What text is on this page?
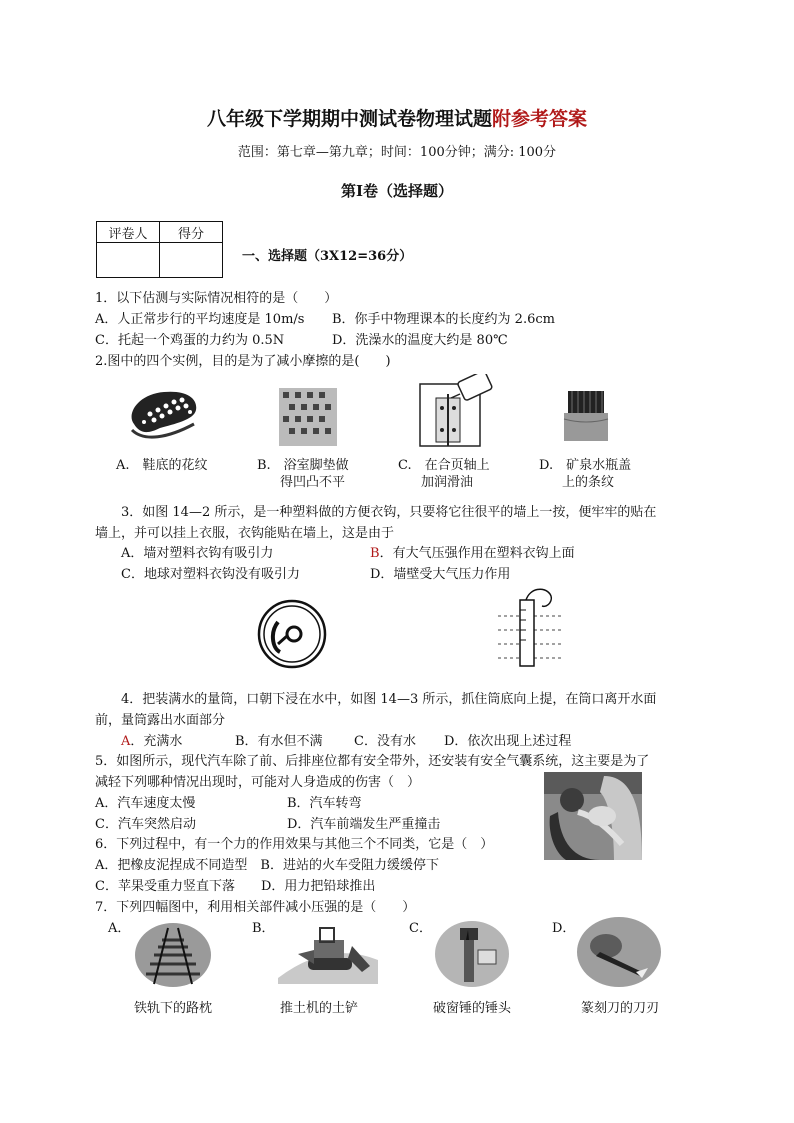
八年级下学期期中测试卷物理试题附参考答案
范围：第七章—第九章；时间：100分钟；满分: 100分
第Ⅰ卷（选择题）
评卷人	得分

一、选择题（3X12=36分）
1．以下估测与实际情况相符的是（　　）
A．人正常步行的平均速度是 10m/s B．你手中物理课本的长度约为 2.6cm
C．托起一个鸡蛋的力约为 0.5N	D．洗澡水的温度大约是 80℃
2.图中的四个实例，目的是为了减小摩擦的是(　　)
A.　鞋底的花纹	B.　浴室脚垫做
得凹凸不平
C.　在合页轴上
加润滑油
D.　矿泉水瓶盖
上的条纹
3．如图 14—2 所示，是一种塑料做的方便衣钩，只要将它往很平的墙上一按，便牢牢的贴在
墙上，并可以挂上衣服，衣钩能贴在墙上，这是由于
A．墙对塑料衣钩有吸引力	B．有大气压强作用在塑料衣钩上面
C．地球对塑料衣钩没有吸引力	D．墙壁受大气压力作用
4．把装满水的量筒，口朝下浸在水中，如图 14—3 所示，抓住筒底向上提，在筒口离开水面
前，量筒露出水面部分
A．充满水	B．有水但不满 C．没有水 D．依次出现上述过程
5．如图所示，现代汽车除了前、后排座位都有安全带外，还安装有安全气囊系统，这主要是为了
减轻下列哪种情况出现时，可能对人身造成的伤害（　）
A．汽车速度太慢	B．汽车转弯
C．汽车突然启动	D．汽车前端发生严重撞击
6．下列过程中，有一个力的作用效果与其他三个不同类，它是（　）
A．把橡皮泥捏成不同造型　B．进站的火车受阻力缓缓停下
C．苹果受重力竖直下落　　D．用力把铅球推出
7．下列四幅图中，利用相关部件减小压强的是（　　）
A．	B．	C．	D．
铁轨下的路枕	推土机的土铲	破窗锤的锤头	篆刻刀的刀刃
